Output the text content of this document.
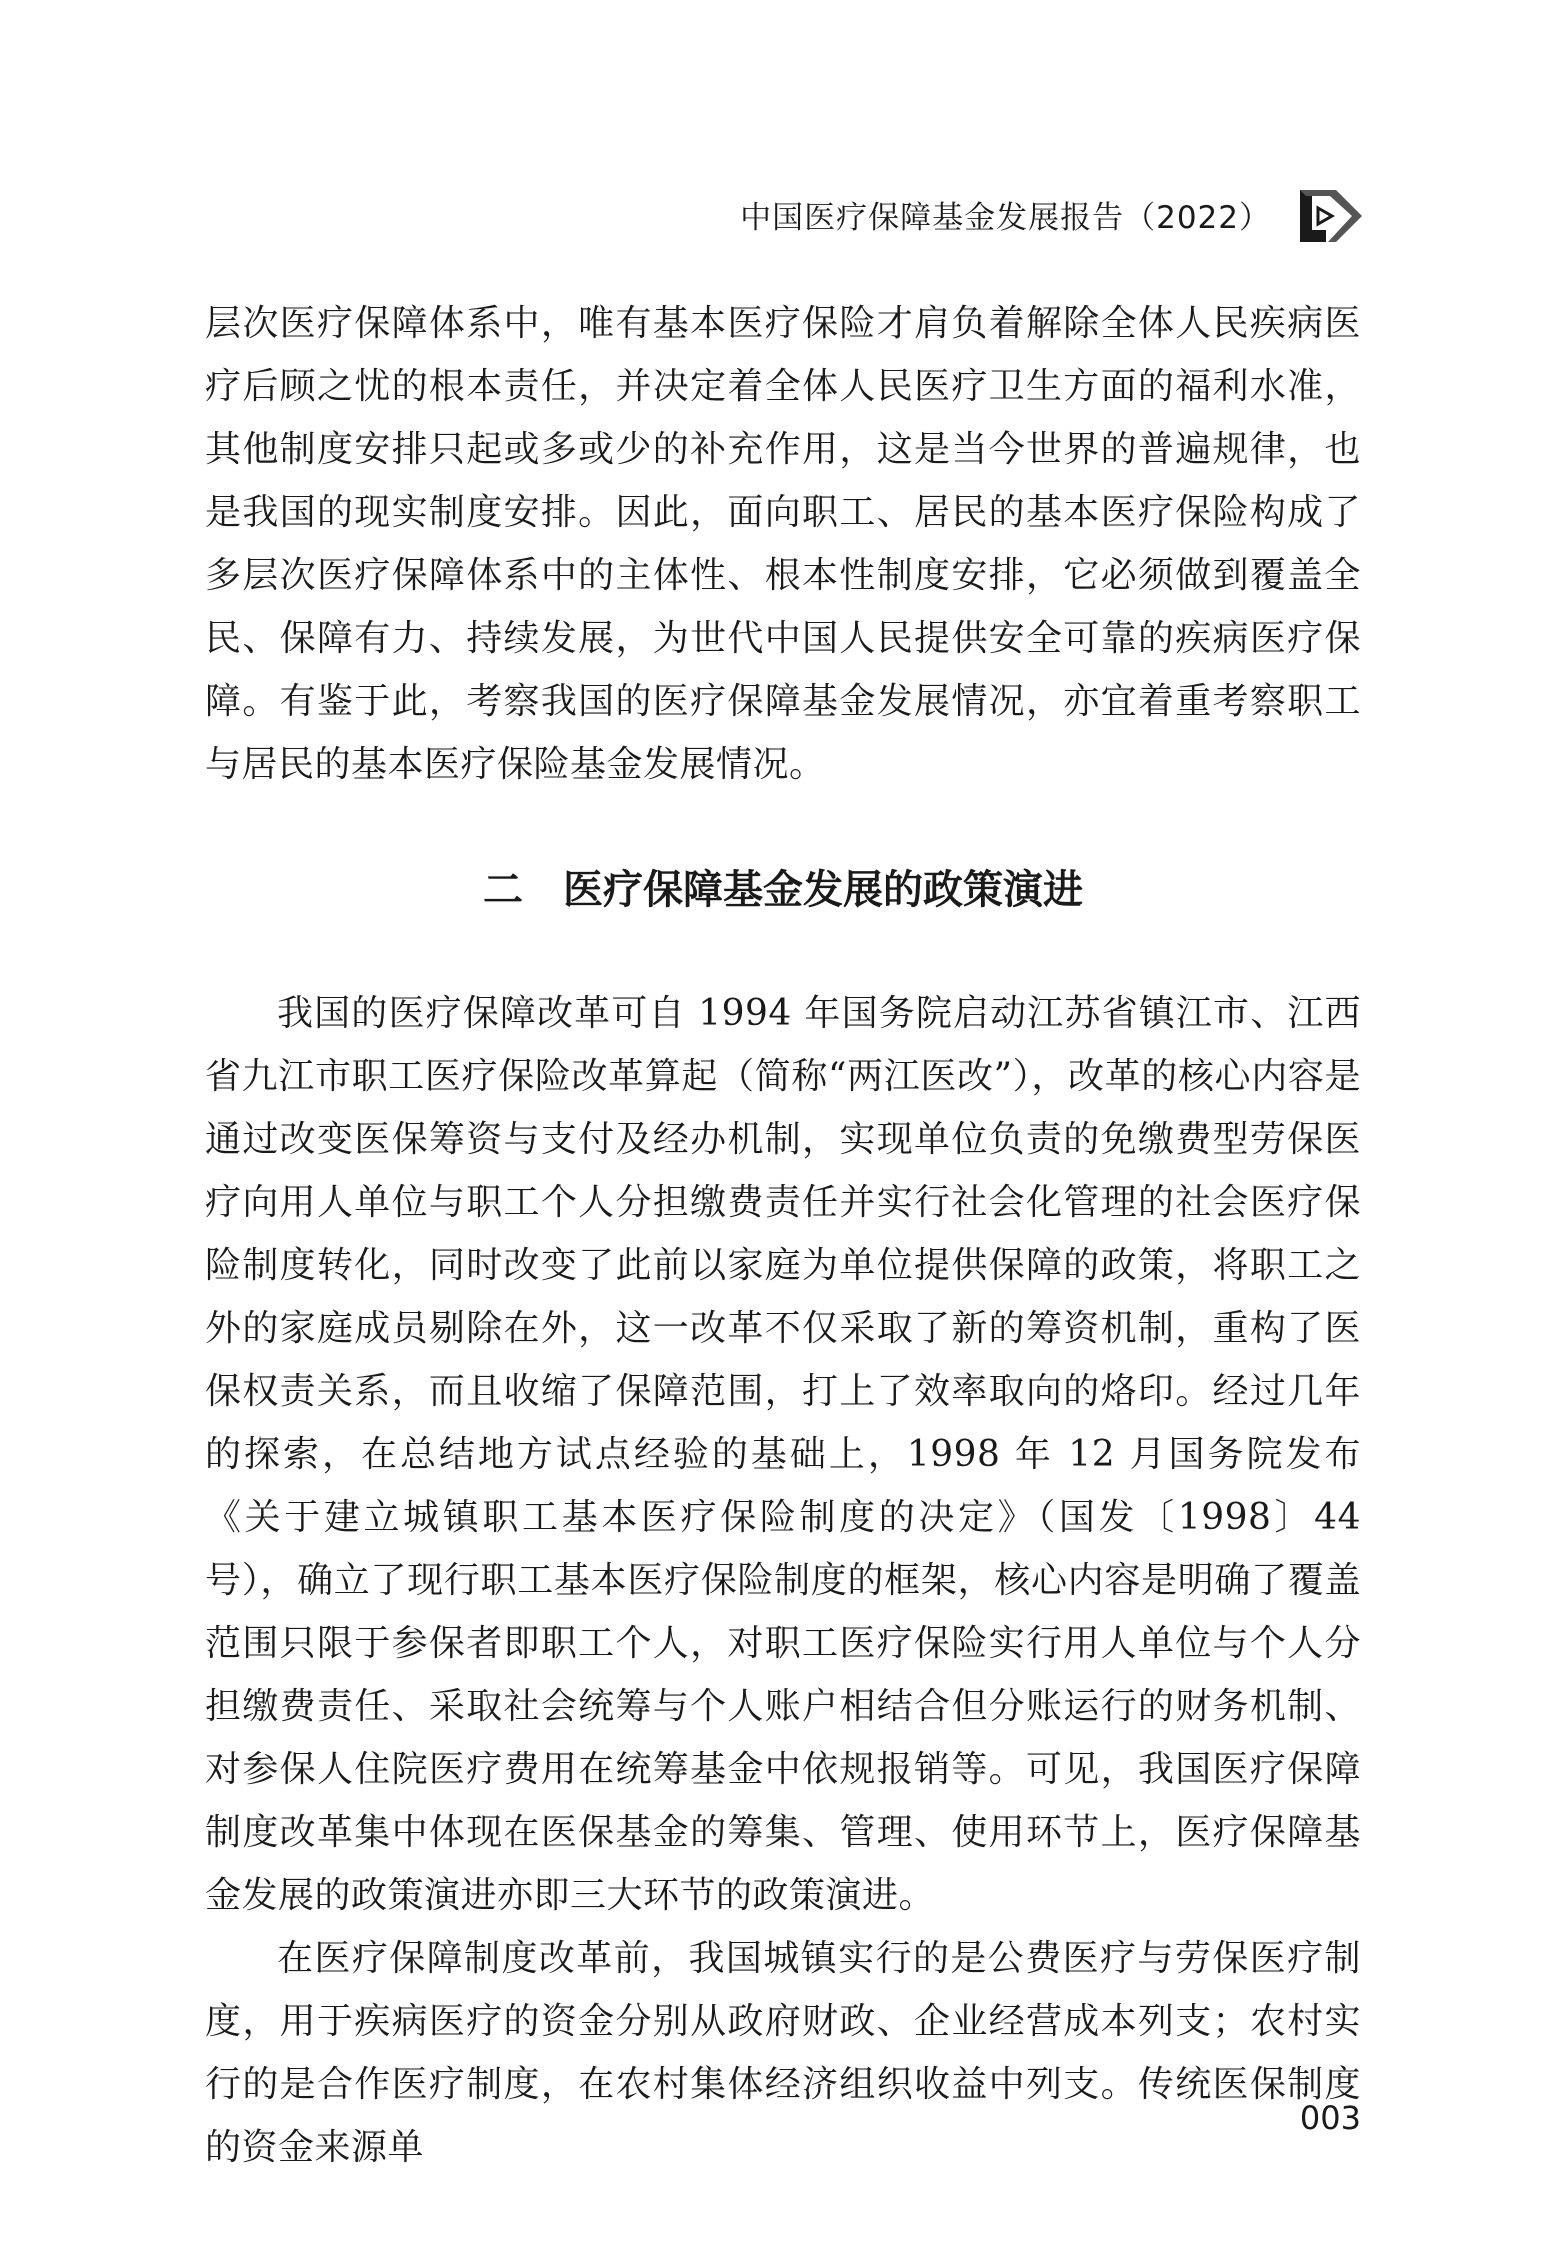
中国医疗保障基金发展报告（2022）

层次医疗保障体系中，唯有基本医疗保险才肩负着解除全体人民疾病医疗后顾之忧的根本责任，并决定着全体人民医疗卫生方面的福利水准，其他制度安排只起或多或少的补充作用，这是当今世界的普遍规律，也是我国的现实制度安排。因此，面向职工、居民的基本医疗保险构成了多层次医疗保障体系中的主体性、根本性制度安排，它必须做到覆盖全民、保障有力、持续发展，为世代中国人民提供安全可靠的疾病医疗保障。有鉴于此，考察我国的医疗保障基金发展情况，亦宜着重考察职工与居民的基本医疗保险基金发展情况。

二　医疗保障基金发展的政策演进

我国的医疗保障改革可自 1994 年国务院启动江苏省镇江市、江西省九江市职工医疗保险改革算起（简称“两江医改”），改革的核心内容是通过改变医保筹资与支付及经办机制，实现单位负责的免缴费型劳保医疗向用人单位与职工个人分担缴费责任并实行社会化管理的社会医疗保险制度转化，同时改变了此前以家庭为单位提供保障的政策，将职工之外的家庭成员剔除在外，这一改革不仅采取了新的筹资机制，重构了医保权责关系，而且收缩了保障范围，打上了效率取向的烙印。经过几年的探索，在总结地方试点经验的基础上，1998 年 12 月国务院发布《关于建立城镇职工基本医疗保险制度的决定》（国发〔1998〕44 号），确立了现行职工基本医疗保险制度的框架，核心内容是明确了覆盖范围只限于参保者即职工个人，对职工医疗保险实行用人单位与个人分担缴费责任、采取社会统筹与个人账户相结合但分账运行的财务机制、对参保人住院医疗费用在统筹基金中依规报销等。可见，我国医疗保障制度改革集中体现在医保基金的筹集、管理、使用环节上，医疗保障基金发展的政策演进亦即三大环节的政策演进。

在医疗保障制度改革前，我国城镇实行的是公费医疗与劳保医疗制度，用于疾病医疗的资金分别从政府财政、企业经营成本列支；农村实行的是合作医疗制度，在农村集体经济组织收益中列支。传统医保制度的资金来源单

003
